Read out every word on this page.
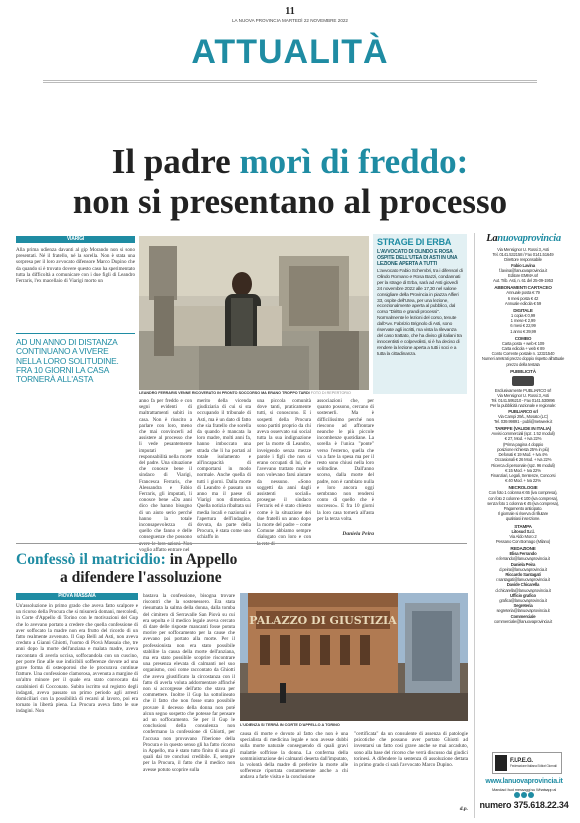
11
LA NUOVA PROVINCIA MARTEDÌ 22 NOVEMBRE 2022
ATTUALITÀ
Il padre morì di freddo:
non si presentano al processo
VIARIGI
Alla prima udienza davanti al gip Morando non si sono presentati. Né il fratello, né la sorella. Non è stata una sorpresa per il loro avvocato difensore Marco Dupino che da quando si è trovato dovere questo caso ha sperimentato tutta la difficoltà a comunicare con i due figli di Leandro Ferraris, l'ex macellaio di Viarigi morto un
AD UN ANNO DI DISTANZA CONTINUANO A VIVERE NELLA LORO SOLITUDINE. FRA 10 GIORNI LA CASA TORNERÀ ALL'ASTA
LEANDRO FERRARIS VENNE RICOVERATO IN PRONTO SOCCORSO MA ERANO TROPPO TARDI FOTO DI REPERTORIO
STRAGE DI ERBA
L'AVVOCATO DI OLINDO E ROSA OSPITE DELL'UTEA DI ASTI IN UNA LEZIONE APERTA A TUTTI
L'avvocato Fabio Schembri, tra i difensori di Olindo Romano e Rosa Bazzi, condannati per la strage di Erba, sarà ad Asti giovedì 24 novembre 2022 alle 17,30 nel salone consigliare della Provincia in piazza Alfieri 33, ospite dell'Utea, per una lezione, eccezionalmente aperta al pubblico, dal corso "Diritto e grandi processi". Normalmente le lezioni del corso, tenute dall'Avv. Fabrizio Brignolo di Asti, sono riservate agli iscritti, ma vista la rilevanza del caso trattato, che ha diviso gli italiani tra innocentisti e colpevolisti, si è ha deciso di rendere la lezione aperta a tutti i soci e a tutta la cittadinanza.
anno fa per freddo e con segni evidenti di maltrattamenti subiti in casa. Non è riuscito a parlare con loro, meno che mai convincerli ad assistere al processo che li vede pesantemente imputati per responsabilità nella morte del padre. Una situazione che conosce bene il sindaco di Viarigi, Francesca Ferraris, che Alessandra e Fabio Ferraris, gli imputati, li conosce bene «Da anni dico che hanno bisogno di un aiuto serio perché hanno la totale inconsapevolezza di quello che fanno e delle conseguenze che possono avere le loro azioni. Non voglio affatto entrare nel
merito della vicenda giudiziaria di cui si sta occupando il tribunale di Asti, ma è un dato di fatto che sia fratello che sorella da quando è mancata la loro madre, molti anni fa, hanno imboccato una strada che li ha portati al totale isolamento e all'incapacità di comportarsi in modo normale. Anche quella di tutti i giorni. Dalla morte di Leandro è passato un anno ma il paese di Viarigi non dimentica. Quella notizia ribaltata sui media locali e nazionali e l'apertura dell'indagine, dovuta, da parte della Procura, è stata come uno schiaffo in
una piccola comunità dove tanti, praticamente tutti, si conoscono. E i sospetti della Procura sono partiti proprio da chi aveva osservato sui social tutta la sua indignazione per la morte di Leandro, inveigendo senza mezze parole i figli che non si erano occupati di lui, che l'avevano trattato male e non volevano farsi aiutare da nessuno. «Sono soggetti da anni dagli assistenti sociali» prosegue il sindaco Ferraris ed è stato chiesto come è la situazione dei due fratelli un anno dopo la morte del padre – come Comune abbiamo sempre dialogato con loro e con la rete di
associazioni che, per quanto possono, cercano di sostenerli. Ma è difficilissimo perché non riescono ad affrontare neanche le più piccole incombenze quotidiane. La sorella è l'unica "ponte" verso l'esterno, quella che va a fare la spesa ma per il resto sono chiusi nella loro solitudine. Dall'anno scorso, dalla morte del padre, non è cambiato nulla e loro ancora oggi sembrano non rendersi conto di quello che è successo». E fra 10 giorni la loro casa tornerà all'asta per la terza volta.
Daniela Peira
Confessò il matricidio: in Appello
a difendere l'assoluzione
PIOVÀ MASSAIA
Un'assoluzione in primo grado che aveva fatto scalpore e un ricorso della Procura che si misurerà domani, mercoledì, in Corte d'Appello di Torino con le motivazioni del Gup che lo avevano portato a credere che quella confessione di aver soffocato la madre non era frutto del ricordo di un fatto realmente avvenuto. Il Gup Bellì ad Asti, non aveva creduto a Gianni Ghiotti, l'uomo di Piovà Massaia che, tre anni dopo la morte dell'anziana e malata madre, aveva raccontato di averla uccisa, soffocandola con un cuscino, per porre fine alle sue indicibili sofferenze dovute ad una grave forma di osteoporosi che le procurava continue fratture. Una confessione clamorosa, avvenuta a margine di un'altro minore per il quale era stato convocato dai carabinieri di Cocconato. Subito iscritto sul registro degli indagati, aveva passato un primo periodo agli arresti domiciliari con la possibilità di recarsi al lavoro, poi era tornato in libertà piena. La Procura aveva fatto le sue indagini. Non
bastava la confessione, bisogna trovare riscontri che la sostenessero. Era stata riesumata la salma della donna, dalla tomba del cimitero di Serravalle San Piovà su cui era sepolta e il medico legale aveva cercato di dare delle risposte mancanti fosse potuta morire per soffocamento per la cause che avevano poi portato alla morte. Per il professionista non era stato possibile stabilire la causa della morte dell'anziana, ma era stato possibile scoprire riscontrare una presenza elevata di calmanti nel suo organismo, così come raccontato da Ghiotti che aveva giustificato la circostanza con il fatto di averla voluta addormentare affinché non si accorgesse dell'atto che stava per commettere. Inoltre il Gup ha sottolineato che il fatto che non fosse stato possibile provare il decesso della donna non poté alcun segno sospetto che potesse far pensare ad un soffocamento. Se per il Gup le conclusioni della consulenza non confermano la confessione di Ghiotti, per l'accusa non provavano l'iberione della Procura e in questo senso gli ha fatto ricorso in Appello, ma è stato tutto finito di una gli quali dai tre conclusi credibile. E, sempre per la Procura, il fatto che il medico non avesse potuto scoprire sulla
PALAZZO DI GIUSTIZIA
L'UDIENZA SI TERRÀ IN CORTE D'APPELLO A TORINO
causa di morte e dovuto al fatto che non è una specialista di medicina legale e non avesse dubbi sulla morte naturale conseguendo di quali gravi malattie soffrisse la donna. La conferma della somministrazione dei calmanti deserta dall'imputato, la volontà della madre di preferire la morte alle sofferenze riportata costantemente anche a chi andava a farle visita e la conclusione
"certificata" da un consulente di assenza di patologie psicotiche che possano aver portato Ghiotti ad inventarsi un fatto così grave anche se mai accaduto, sono alla base del ricorso che verrà discusso dai giudici torinesi. A difendere la sentenza di assoluzione dettata in primo grado ci sarà l'avvocato Marco Dupino.
d.p.
Lanuovaprovincia
Via Mensignor U. Rossi 3, Asti
Tel. 0141.532158 / Fax 0141.51649
Direttore responsabile
Fabio Lavina
f.lavina@lanuovaprovincia.it
Editore EMMA srl
Aut. Trib. Asti, n. 61 del 25-09-1953
ABBONAMENTI CARTACEO
Annuale posta € 79
6 mesi posta € 42
Annuale edicola € 59
DIGITALE
1 copia € 0,99
1 mese € 2,99
6 mesi € 22,99
1 anno € 39,99
COMBO
Carta posta + web € 109
Carta edicola + web € 89
Conto Corrente postale n. 12321540
Numeri arretrati prezzo doppio rispetto all'attuale prezzo della testata
PUBBLICITÀ
Esclusivamente PUBLIARCO srl
Via Mensignor U. Rossi 3, Asti
Tel. 0141.595210 - Fax 0141.530896
Per la pubblicità nazionale e regionale:
PUBLIARCO srl
Via Campi 29/L, Mosato (LC)
Tel. 039.99891 - publi@netweek.it
TARIFFE (VALIDE IN ITALIA)
Avvisi commerciali (spz. 1 52 moduli)
€ 27, Mod. + Iva 22%
(Prima pagina 4 doppio
posizione richiesta 25% in più)
Defonati € 19 Mod. + Iva 4%
Occasionali € 26 Mod. + Iva 22%
Ricerca di personale (spz. 96 moduli)
€ 15 Mod. + Iva 22%
Finanziari, Legali, Sentenze, Concorsi
€ 40 Mod. + Iva 22%
NECROLOGIE
Con foto 1 colonna € 65 (iva compresa),
con foto 2 colonne € 100 (iva compresa),
senza foto 1 colonna € 45 (iva compresa),
Pagamento anticipato.
Il giornale si riserva di rifiutare
qualsiasi inserzione.
STAMPA
Litosud S.r.l.
Via Aldo Moro 2
Pessano Con Bornago (Milano)
REDAZIONE
Elisa Ferrando
e.ferrando@lanuovaprovincia.it
Daniela Peira
d.peira@lanuovaprovincia.it
Riccardo Santagati
r.santagati@lanuovaprovincia.it
Davide Chicarella
d.chicarella@lanuovaprovincia.it
Ufficio grafico
grafica@lanuovaprovincia.it
Segreteria
segreteria@lanuovaprovincia.it
Commerciale
commerciale@lanuovaprovincia.it
F.I.P.E.G.
Federazione Italiana Editori Giornali
www.lanuovaprovincia.it
Mandaci i tuoi messaggi su Whatsapp al

numero 375.618.22.34
